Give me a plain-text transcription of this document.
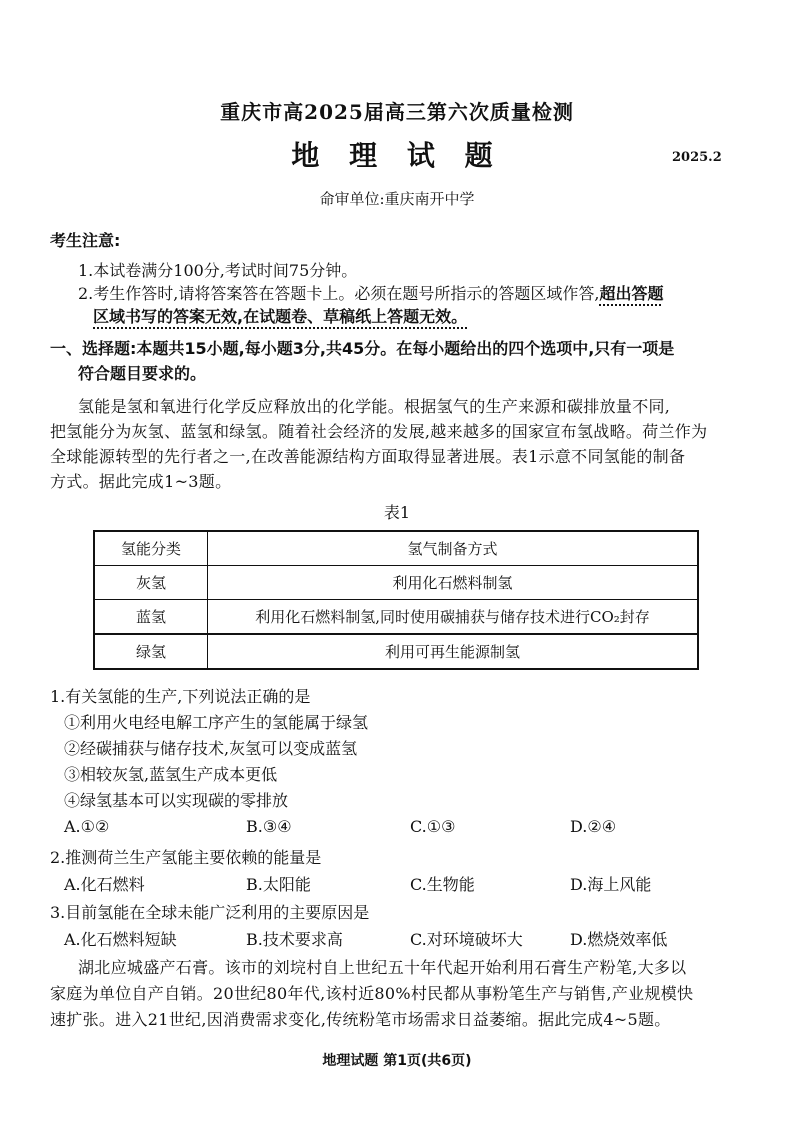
重庆市高2025届高三第六次质量检测
地 理 试 题	2025.2
命审单位:重庆南开中学
考生注意:
1.本试卷满分100分,考试时间75分钟。
2.考生作答时,请将答案答在答题卡上。必须在题号所指示的答题区域作答,超出答题
区域书写的答案无效,在试题卷、草稿纸上答题无效。
一、选择题:本题共15小题,每小题3分,共45分。在每小题给出的四个选项中,只有一项是
符合题目要求的。
氢能是氢和氧进行化学反应释放出的化学能。根据氢气的生产来源和碳排放量不同,
把氢能分为灰氢、蓝氢和绿氢。随着社会经济的发展,越来越多的国家宣布氢战略。荷兰作为
全球能源转型的先行者之一,在改善能源结构方面取得显著进展。表1示意不同氢能的制备
方式。据此完成1~3题。
表1
氢能分类	氢气制备方式
灰氢	利用化石燃料制氢
蓝氢	利用化石燃料制氢,同时使用碳捕获与储存技术进行CO₂封存
绿氢	利用可再生能源制氢
1.有关氢能的生产,下列说法正确的是
①利用火电经电解工序产生的氢能属于绿氢
②经碳捕获与储存技术,灰氢可以变成蓝氢
③相较灰氢,蓝氢生产成本更低
④绿氢基本可以实现碳的零排放
A.①②	B.③④	C.①③	D.②④
2.推测荷兰生产氢能主要依赖的能量是
A.化石燃料	B.太阳能	C.生物能	D.海上风能
3.目前氢能在全球未能广泛利用的主要原因是
A.化石燃料短缺	B.技术要求高	C.对环境破坏大	D.燃烧效率低
湖北应城盛产石膏。该市的刘垸村自上世纪五十年代起开始利用石膏生产粉笔,大多以
家庭为单位自产自销。20世纪80年代,该村近80%村民都从事粉笔生产与销售,产业规模快
速扩张。进入21世纪,因消费需求变化,传统粉笔市场需求日益萎缩。据此完成4~5题。
地理试题 第1页(共6页)
